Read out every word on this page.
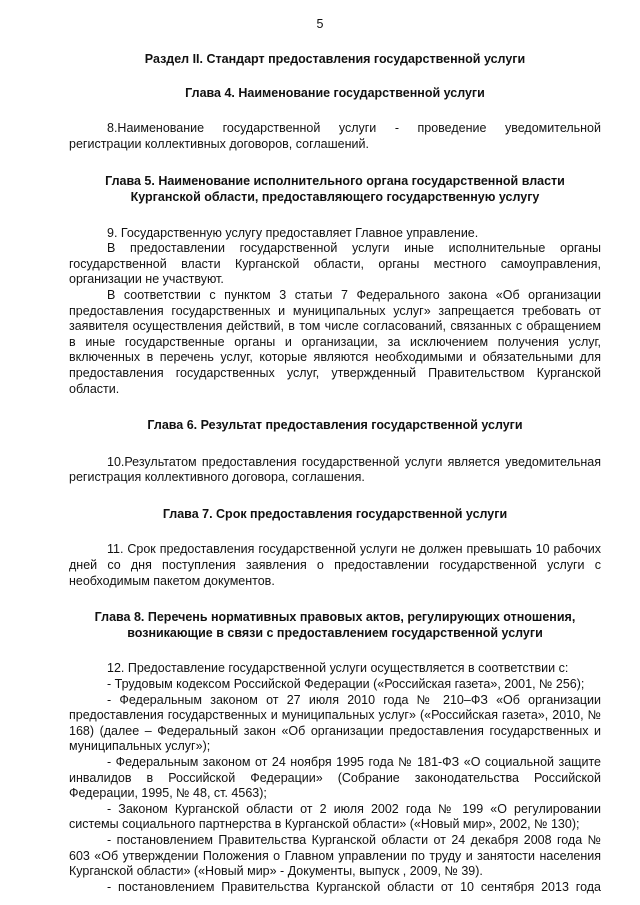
5

Раздел II. Стандарт предоставления государственной услуги

Глава 4. Наименование государственной услуги

8.Наименование государственной услуги - проведение уведомительной регистрации коллективных договоров, соглашений.

Глава 5. Наименование исполнительного органа государственной власти

Курганской области, предоставляющего государственную услугу

9. Государственную услугу предоставляет Главное управление.

В предоставлении государственной услуги иные исполнительные органы государственной власти Курганской области, органы местного самоуправления, организации не участвуют.

В соответствии с пунктом 3 статьи 7 Федерального закона «Об организации предоставления государственных и муниципальных услуг» запрещается требовать от заявителя осуществления действий, в том числе согласований, связанных с обращением в иные государственные органы и организации, за исключением получения услуг, включенных в перечень услуг, которые являются необходимыми и обязательными для предоставления государственных услуг, утвержденный Правительством Курганской области.

Глава 6. Результат предоставления государственной услуги

10.Результатом предоставления государственной услуги является уведомительная регистрация коллективного договора, соглашения.

Глава 7. Срок предоставления государственной услуги

11. Срок предоставления государственной услуги не должен превышать 10 рабочих дней со дня поступления заявления о предоставлении государственной услуги с необходимым пакетом документов.

Глава 8. Перечень нормативных правовых актов, регулирующих отношения,

возникающие в связи с предоставлением государственной услуги

12. Предоставление государственной услуги осуществляется в соответствии с:

- Трудовым кодексом Российской Федерации («Российская газета», 2001, № 256);

- Федеральным законом от 27 июля 2010 года № 210–ФЗ «Об организации предоставления государственных и муниципальных услуг» («Российская газета», 2010, № 168) (далее – Федеральный закон «Об организации предоставления государственных и муниципальных услуг»);

- Федеральным законом от 24 ноября 1995 года № 181-ФЗ «О социальной защите инвалидов в Российской Федерации» (Собрание законодательства Российской Федерации, 1995, № 48, ст. 4563);

- Законом Курганской области от 2 июля 2002 года № 199 «О регулировании системы социального партнерства в Курганской области» («Новый мир», 2002, № 130);

- постановлением Правительства Курганской области от 24 декабря 2008 года № 603 «Об утверждении Положения о Главном управлении по труду и занятости населения Курганской области» («Новый мир» - Документы, выпуск , 2009, № 39).

- постановлением Правительства Курганской области от 10 сентября 2013 года
